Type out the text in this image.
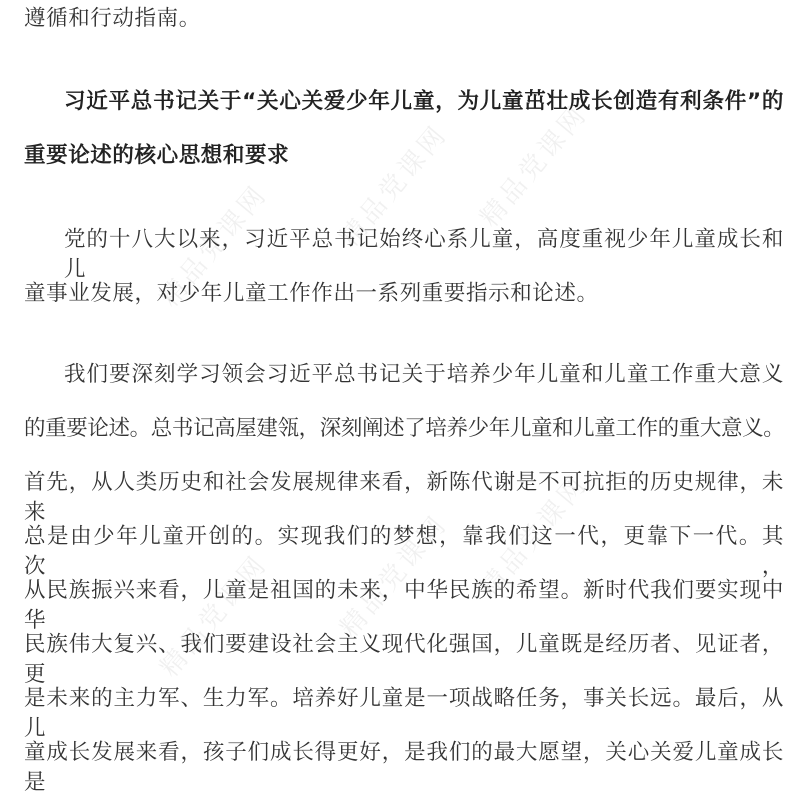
精品党课网
精品党课网
精品党课网
精品党课网
精品党课网
精品党课网
遵循和行动指南。
习近平总书记关于“关心关爱少年儿童，为儿童茁壮成长创造有利条件”的
重要论述的核心思想和要求
党的十八大以来，习近平总书记始终心系儿童，高度重视少年儿童成长和儿
童事业发展，对少年儿童工作作出一系列重要指示和论述。
我们要深刻学习领会习近平总书记关于培养少年儿童和儿童工作重大意义
的重要论述。总书记高屋建瓴，深刻阐述了培养少年儿童和儿童工作的重大意义。
首先，从人类历史和社会发展规律来看，新陈代谢是不可抗拒的历史规律，未来
总是由少年儿童开创的。实现我们的梦想，靠我们这一代，更靠下一代。其次，
从民族振兴来看，儿童是祖国的未来，中华民族的希望。新时代我们要实现中华
民族伟大复兴、我们要建设社会主义现代化强国，儿童既是经历者、见证者，更
是未来的主力军、生力军。培养好儿童是一项战略任务，事关长远。最后，从儿
童成长发展来看，孩子们成长得更好，是我们的最大愿望，关心关爱儿童成长是
